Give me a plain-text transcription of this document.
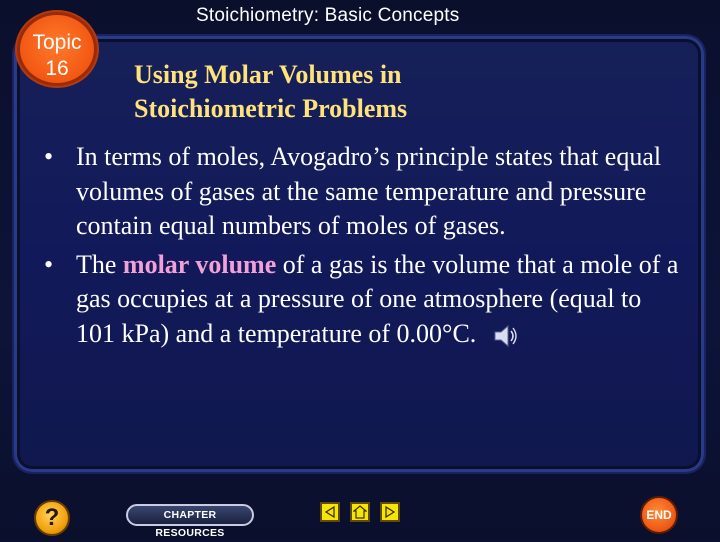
Stoichiometry: Basic Concepts
Topic
16	Using Molar Volumes in
Stoichiometric Problems
• In terms of moles, Avogadro’s principle states that equal volumes of gases at the same temperature and pressure contain equal numbers of moles of gases.
• The molar volume of a gas is the volume that a mole of a gas occupies at a pressure of one atmosphere (equal to 101 kPa) and a temperature of 0.00°C.
?	CHAPTER RESOURCES
END
